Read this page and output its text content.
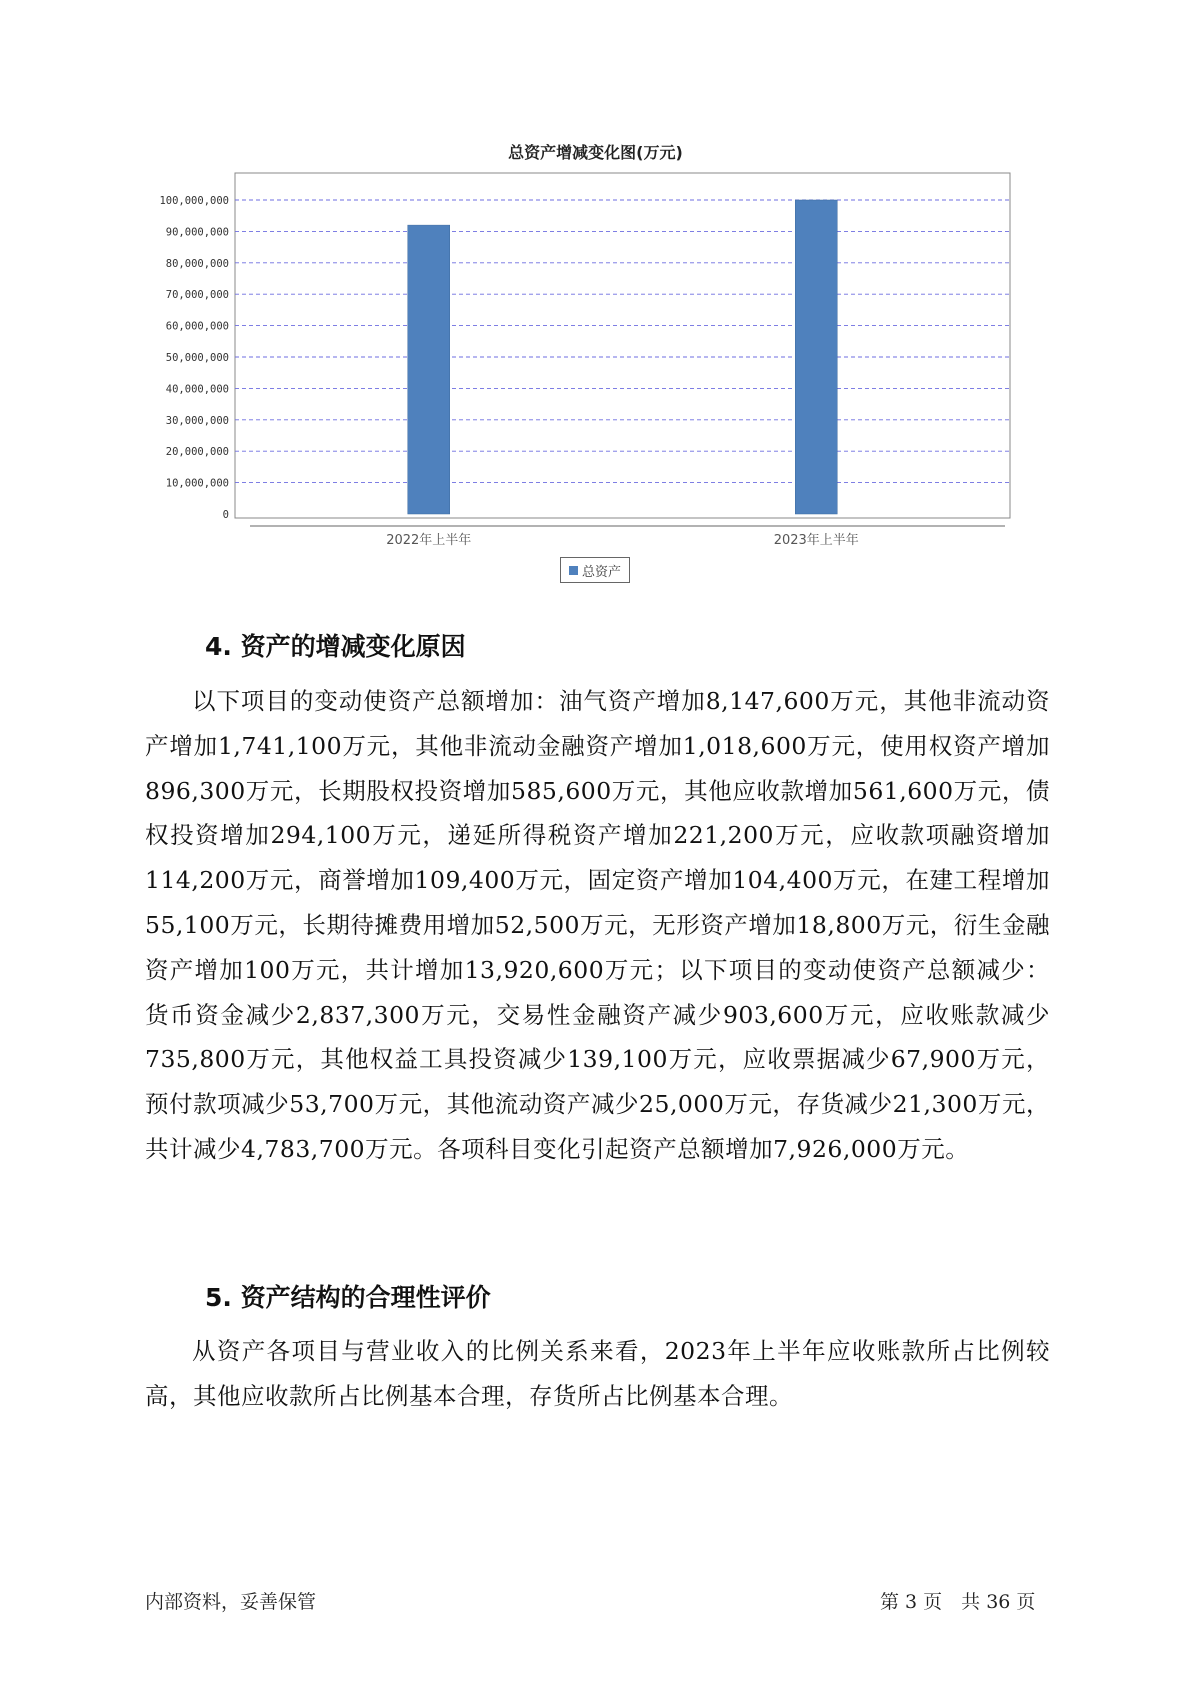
总资产增减变化图(万元)
0
10,000,000
20,000,000
30,000,000
40,000,000
50,000,000
60,000,000
70,000,000
80,000,000
90,000,000
100,000,000
2022年上半年	2023年上半年
总资产
4. 资产的增减变化原因

以下项目的变动使资产总额增加：油气资产增加8,147,600万元，其他非流动资产增加1,741,100万元，其他非流动金融资产增加1,018,600万元，使用权资产增加896,300万元，长期股权投资增加585,600万元，其他应收款增加561,600万元，债权投资增加294,100万元，递延所得税资产增加221,200万元，应收款项融资增加114,200万元，商誉增加109,400万元，固定资产增加104,400万元，在建工程增加55,100万元，长期待摊费用增加52,500万元，无形资产增加18,800万元，衍生金融资产增加100万元，共计增加13,920,600万元；以下项目的变动使资产总额减少：货币资金减少2,837,300万元，交易性金融资产减少903,600万元，应收账款减少735,800万元，其他权益工具投资减少139,100万元，应收票据减少67,900万元，预付款项减少53,700万元，其他流动资产减少25,000万元，存货减少21,300万元，共计减少4,783,700万元。各项科目变化引起资产总额增加7,926,000万元。

5. 资产结构的合理性评价

从资产各项目与营业收入的比例关系来看，2023年上半年应收账款所占比例较高，其他应收款所占比例基本合理，存货所占比例基本合理。

内部资料，妥善保管	第 3 页　共 36 页
